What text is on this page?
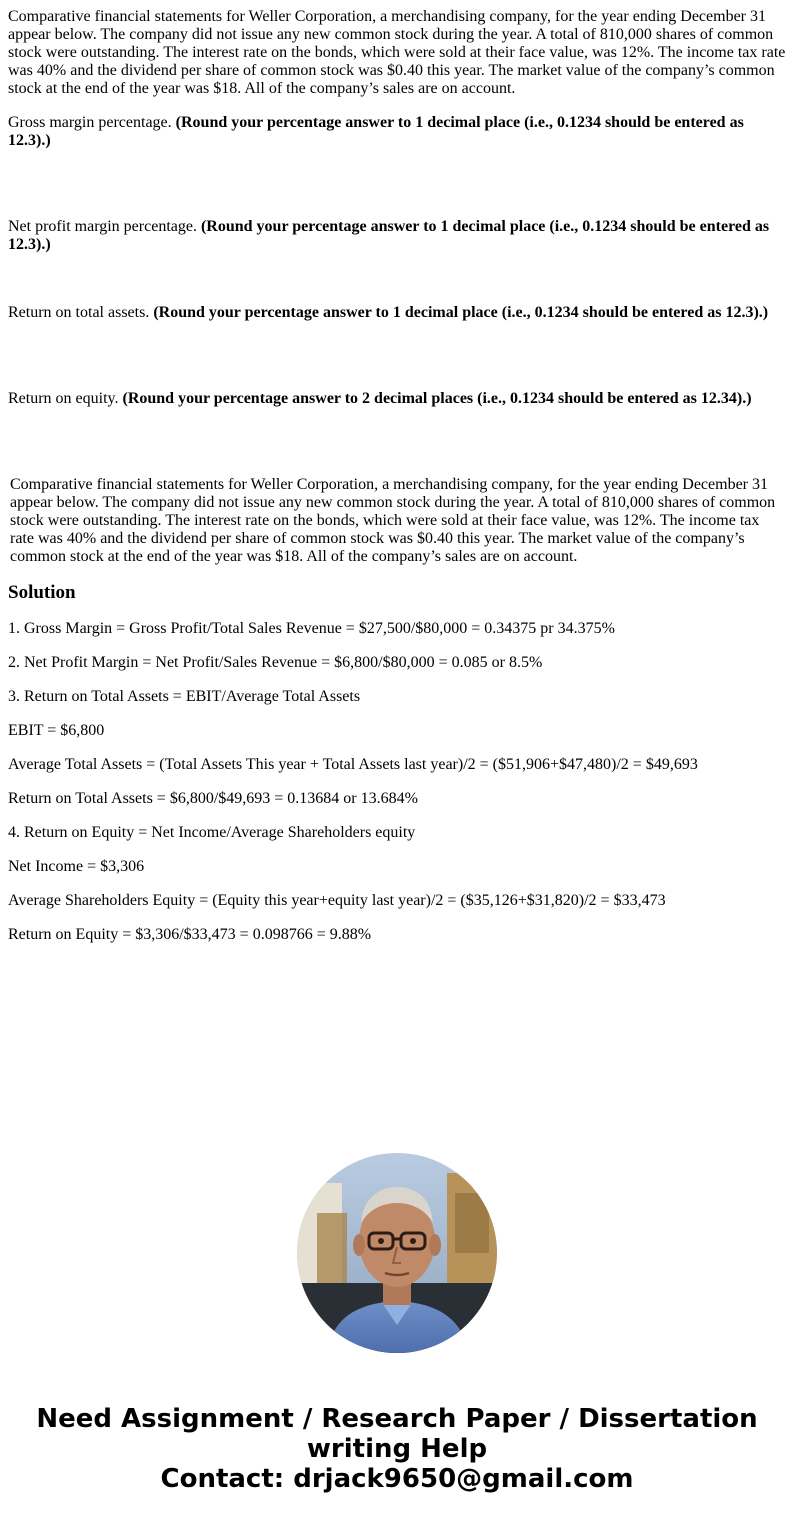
Comparative financial statements for Weller Corporation, a merchandising company, for the year ending December 31 appear below. The company did not issue any new common stock during the year. A total of 810,000 shares of common stock were outstanding. The interest rate on the bonds, which were sold at their face value, was 12%. The income tax rate was 40% and the dividend per share of common stock was $0.40 this year. The market value of the company’s common stock at the end of the year was $18. All of the company’s sales are on account.

Gross margin percentage. (Round your percentage answer to 1 decimal place (i.e., 0.1234 should be entered as 12.3).)

Net profit margin percentage. (Round your percentage answer to 1 decimal place (i.e., 0.1234 should be entered as 12.3).)

Return on total assets. (Round your percentage answer to 1 decimal place (i.e., 0.1234 should be entered as 12.3).)

Return on equity. (Round your percentage answer to 2 decimal places (i.e., 0.1234 should be entered as 12.34).)

Comparative financial statements for Weller Corporation, a merchandising company, for the year ending December 31 appear below. The company did not issue any new common stock during the year. A total of 810,000 shares of common stock were outstanding. The interest rate on the bonds, which were sold at their face value, was 12%. The income tax rate was 40% and the dividend per share of common stock was $0.40 this year. The market value of the company’s common stock at the end of the year was $18. All of the company’s sales are on account.

Solution

1. Gross Margin = Gross Profit/Total Sales Revenue = $27,500/$80,000 = 0.34375 pr 34.375%

2. Net Profit Margin = Net Profit/Sales Revenue = $6,800/$80,000 = 0.085 or 8.5%

3. Return on Total Assets = EBIT/Average Total Assets

EBIT = $6,800

Average Total Assets = (Total Assets This year + Total Assets last year)/2 = ($51,906+$47,480)/2 = $49,693

Return on Total Assets = $6,800/$49,693 = 0.13684 or 13.684%

4. Return on Equity = Net Income/Average Shareholders equity

Net Income = $3,306

Average Shareholders Equity = (Equity this year+equity last year)/2 = ($35,126+$31,820)/2 = $33,473

Return on Equity = $3,306/$33,473 = 0.098766 = 9.88%

Need Assignment / Research Paper / Dissertation
writing Help
Contact: drjack9650@gmail.com
